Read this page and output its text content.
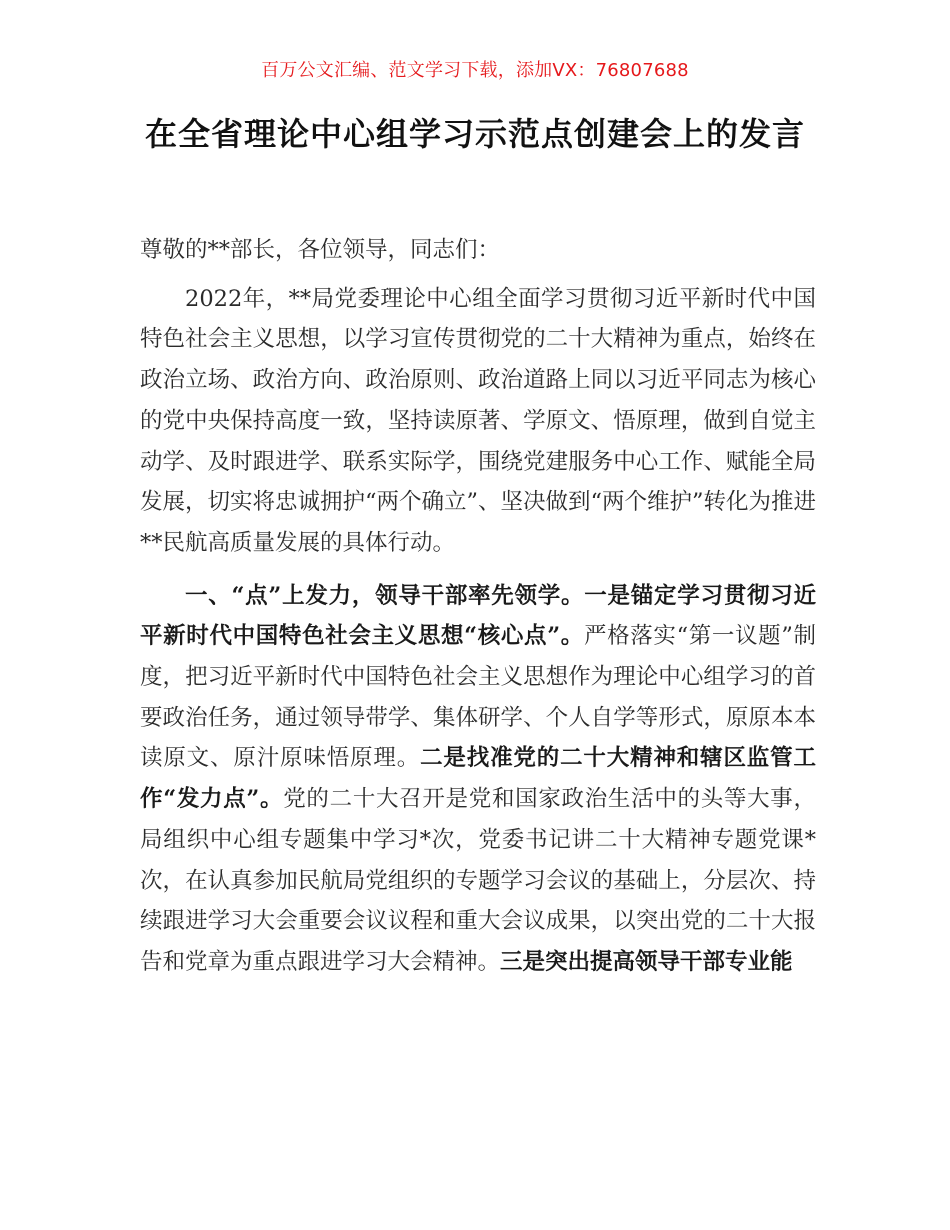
百万公文汇编、范文学习下载，添加VX：76807688
在全省理论中心组学习示范点创建会上的发言

尊敬的**部长，各位领导，同志们：

2022年，**局党委理论中心组全面学习贯彻习近平新时代中国特色社会主义思想，以学习宣传贯彻党的二十大精神为重点，始终在政治立场、政治方向、政治原则、政治道路上同以习近平同志为核心的党中央保持高度一致，坚持读原著、学原文、悟原理，做到自觉主动学、及时跟进学、联系实际学，围绕党建服务中心工作、赋能全局发展，切实将忠诚拥护“两个确立”、坚决做到“两个维护”转化为推进**民航高质量发展的具体行动。

一、“点”上发力，领导干部率先领学。一是锚定学习贯彻习近平新时代中国特色社会主义思想“核心点”。严格落实“第一议题”制度，把习近平新时代中国特色社会主义思想作为理论中心组学习的首要政治任务，通过领导带学、集体研学、个人自学等形式，原原本本读原文、原汁原味悟原理。二是找准党的二十大精神和辖区监管工作“发力点”。党的二十大召开是党和国家政治生活中的头等大事，局组织中心组专题集中学习*次，党委书记讲二十大精神专题党课*次，在认真参加民航局党组织的专题学习会议的基础上，分层次、持续跟进学习大会重要会议议程和重大会议成果，以突出党的二十大报告和党章为重点跟进学习大会精神。三是突出提高领导干部专业能
